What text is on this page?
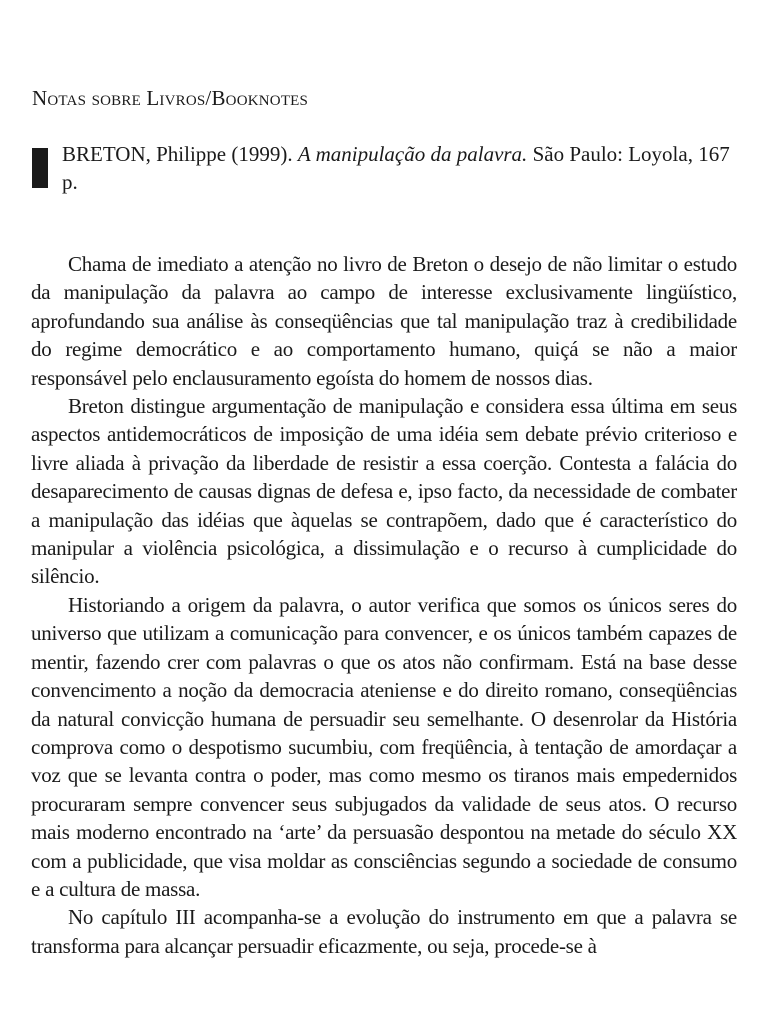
Notas sobre Livros/Booknotes
BRETON, Philippe (1999). A manipulação da palavra. São Paulo: Loyola, 167 p.

Chama de imediato a atenção no livro de Breton o desejo de não limitar o estudo da manipulação da palavra ao campo de interesse exclusivamente lingüístico, aprofundando sua análise às conseqüências que tal manipulação traz à credibilidade do regime democrático e ao comportamento humano, quiçá se não a maior responsável pelo enclausuramento egoísta do homem de nossos dias.

Breton distingue argumentação de manipulação e considera essa última em seus aspectos antidemocráticos de imposição de uma idéia sem debate prévio criterioso e livre aliada à privação da liberdade de resistir a essa coerção. Contesta a falácia do desaparecimento de causas dignas de defesa e, ipso facto, da necessidade de combater a manipulação das idéias que àquelas se contrapõem, dado que é característico do manipular a violência psicológica, a dissimulação e o recurso à cumplicidade do silêncio.

Historiando a origem da palavra, o autor verifica que somos os únicos seres do universo que utilizam a comunicação para convencer, e os únicos também capazes de mentir, fazendo crer com palavras o que os atos não confirmam. Está na base desse convencimento a noção da democracia ateniense e do direito romano, conseqüências da natural convicção humana de persuadir seu semelhante. O desenrolar da História comprova como o despotismo sucumbiu, com freqüência, à tentação de amordaçar a voz que se levanta contra o poder, mas como mesmo os tiranos mais empedernidos procuraram sempre convencer seus subjugados da validade de seus atos. O recurso mais moderno encontrado na ‘arte’ da persuasão despontou na metade do século XX com a publicidade, que visa moldar as consciências segundo a sociedade de consumo e a cultura de massa.

No capítulo III acompanha-se a evolução do instrumento em que a palavra se transforma para alcançar persuadir eficazmente, ou seja, procede-se à
